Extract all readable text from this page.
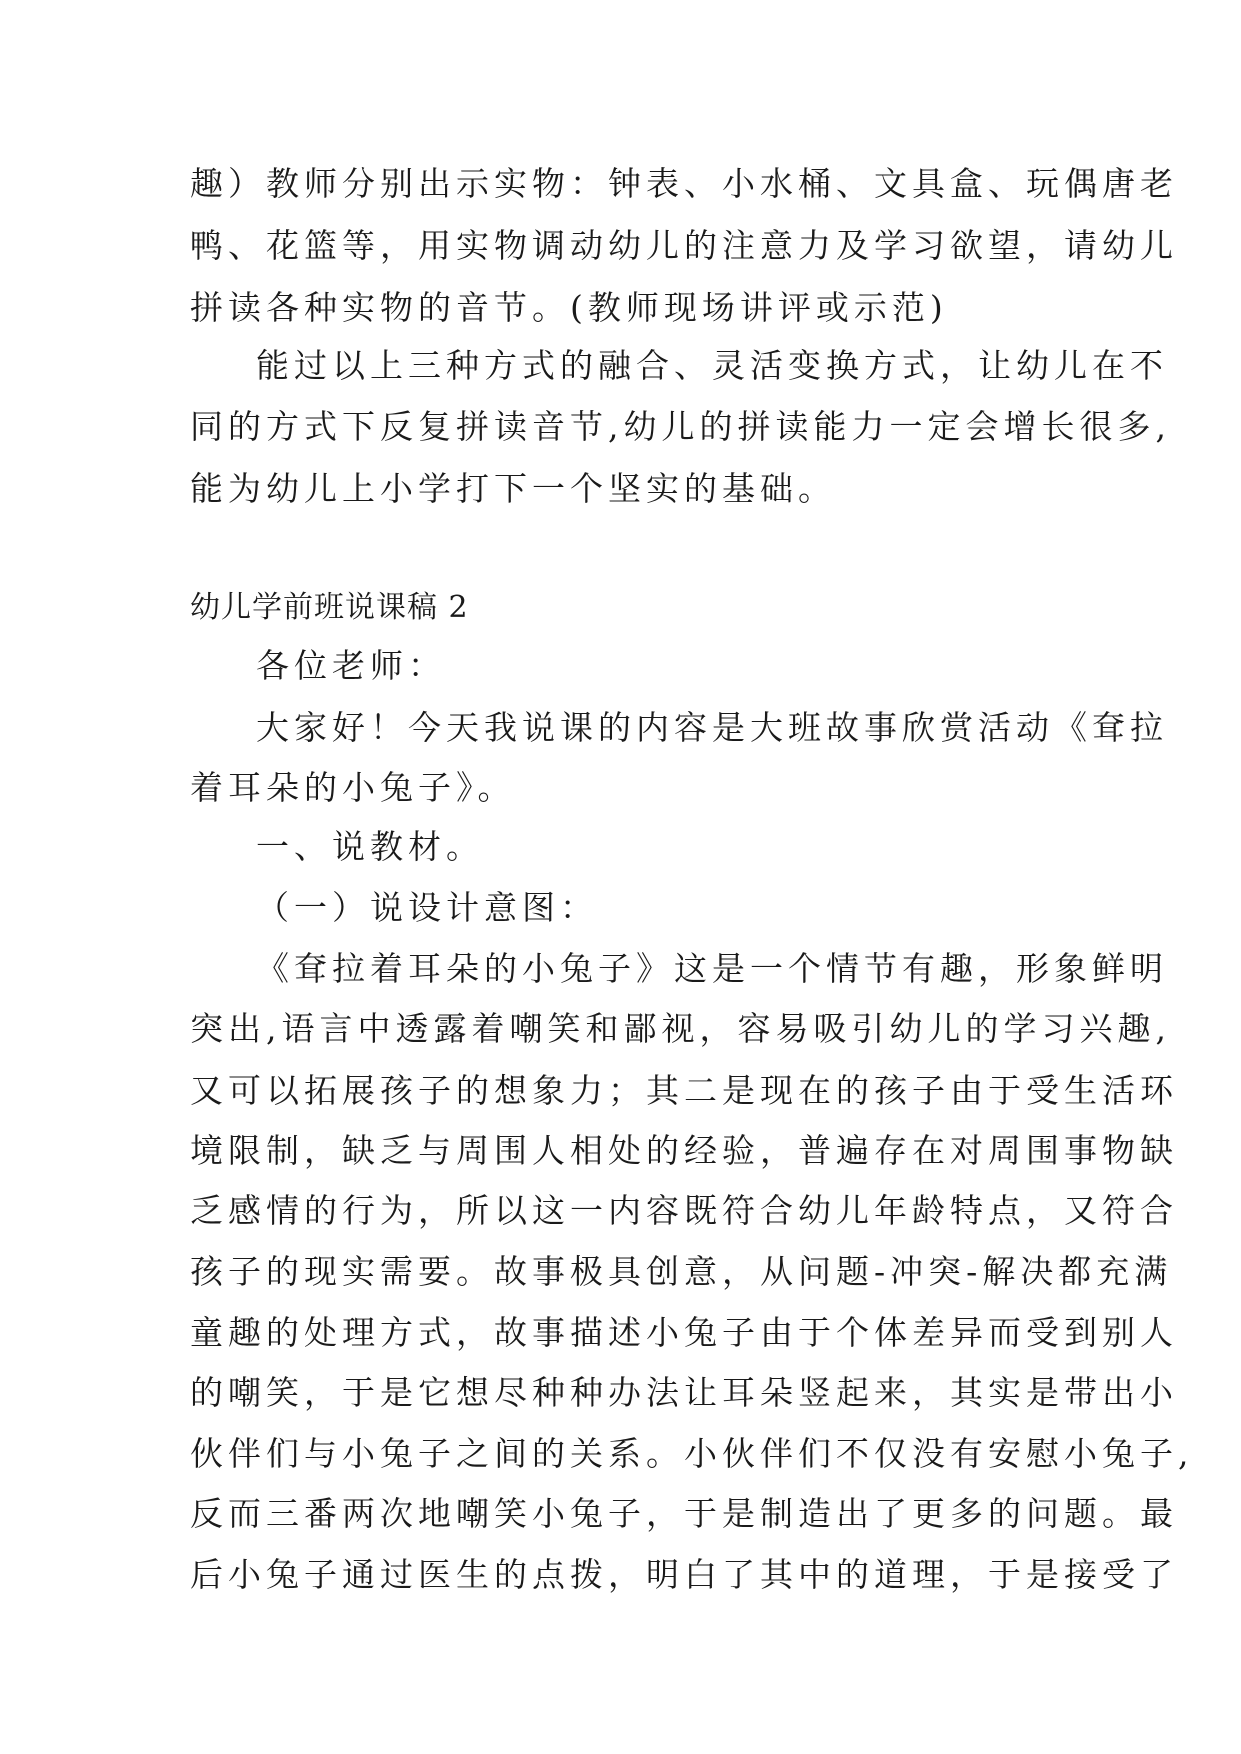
趣）教师分别出示实物：钟表、小水桶、文具盒、玩偶唐老
鸭、花篮等，用实物调动幼儿的注意力及学习欲望，请幼儿
拼读各种实物的音节。(教师现场讲评或示范)
能过以上三种方式的融合、灵活变换方式，让幼儿在不
同的方式下反复拼读音节,幼儿的拼读能力一定会增长很多,
能为幼儿上小学打下一个坚实的基础。
幼儿学前班说课稿 2
各位老师：
大家好！今天我说课的内容是大班故事欣赏活动《耷拉
着耳朵的小兔子》。
一、说教材。
（一）说设计意图：
《耷拉着耳朵的小兔子》这是一个情节有趣，形象鲜明
突出,语言中透露着嘲笑和鄙视，容易吸引幼儿的学习兴趣,
又可以拓展孩子的想象力；其二是现在的孩子由于受生活环
境限制，缺乏与周围人相处的经验，普遍存在对周围事物缺
乏感情的行为，所以这一内容既符合幼儿年龄特点，又符合
孩子的现实需要。故事极具创意，从问题-冲突-解决都充满
童趣的处理方式，故事描述小兔子由于个体差异而受到别人
的嘲笑，于是它想尽种种办法让耳朵竖起来，其实是带出小
伙伴们与小兔子之间的关系。小伙伴们不仅没有安慰小兔子,
反而三番两次地嘲笑小兔子，于是制造出了更多的问题。最
后小兔子通过医生的点拨，明白了其中的道理，于是接受了
